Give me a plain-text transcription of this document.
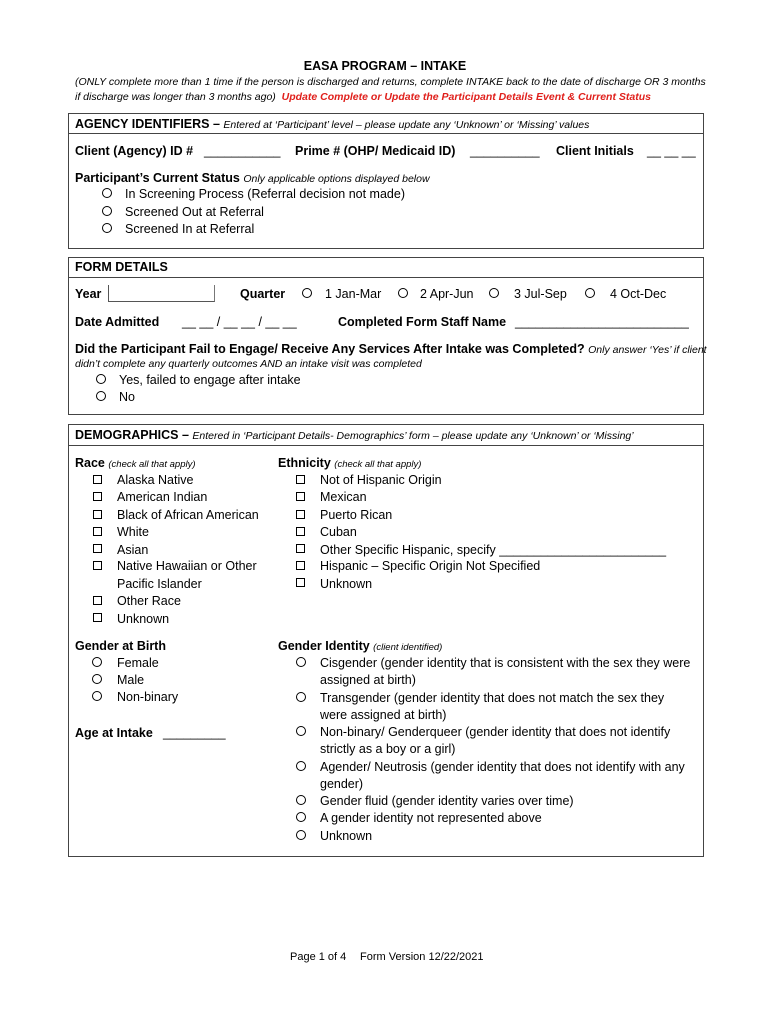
EASA PROGRAM – INTAKE
(ONLY complete more than 1 time if the person is discharged and returns, complete INTAKE back to the date of discharge OR 3 months
if discharge was longer than 3 months ago) Update Complete or Update the Participant Details Event & Current Status
AGENCY IDENTIFIERS – Entered at ‘Participant’ level – please update any ‘Unknown’ or ‘Missing’ values
Client (Agency) ID # ___________ Prime # (OHP/ Medicaid ID) __________ Client Initials __ __ __
Participant’s Current Status Only applicable options displayed below
In Screening Process (Referral decision not made)
Screened Out at Referral
Screened In at Referral
FORM DETAILS
Year	Quarter	1 Jan-Mar	2 Apr-Jun	3 Jul-Sep	4 Oct-Dec
Date Admitted __ __ / __ __ / __ __	Completed Form Staff Name _________________________
Did the Participant Fail to Engage/ Receive Any Services After Intake was Completed? Only answer ‘Yes’ if client
didn’t complete any quarterly outcomes AND an intake visit was completed
Yes, failed to engage after intake
No
DEMOGRAPHICS – Entered in ‘Participant Details- Demographics’ form – please update any ‘Unknown’ or ‘Missing’
Race (check all that apply)
Alaska Native
American Indian
Black of African American
White
Asian
Native Hawaiian or Other
Pacific Islander
Other Race
Unknown
Ethnicity (check all that apply)
Not of Hispanic Origin
Mexican
Puerto Rican
Cuban
Other Specific Hispanic, specify ________________________
Hispanic – Specific Origin Not Specified
Unknown
Gender at Birth
Female
Male
Non-binary
Age at Intake _________
Gender Identity (client identified)
Cisgender (gender identity that is consistent with the sex they were
assigned at birth)
Transgender (gender identity that does not match the sex they
were assigned at birth)
Non-binary/ Genderqueer (gender identity that does not identify
strictly as a boy or a girl)
Agender/ Neutrosis (gender identity that does not identify with any
gender)
Gender fluid (gender identity varies over time)
A gender identity not represented above
Unknown
Page 1 of 4 Form Version 12/22/2021
